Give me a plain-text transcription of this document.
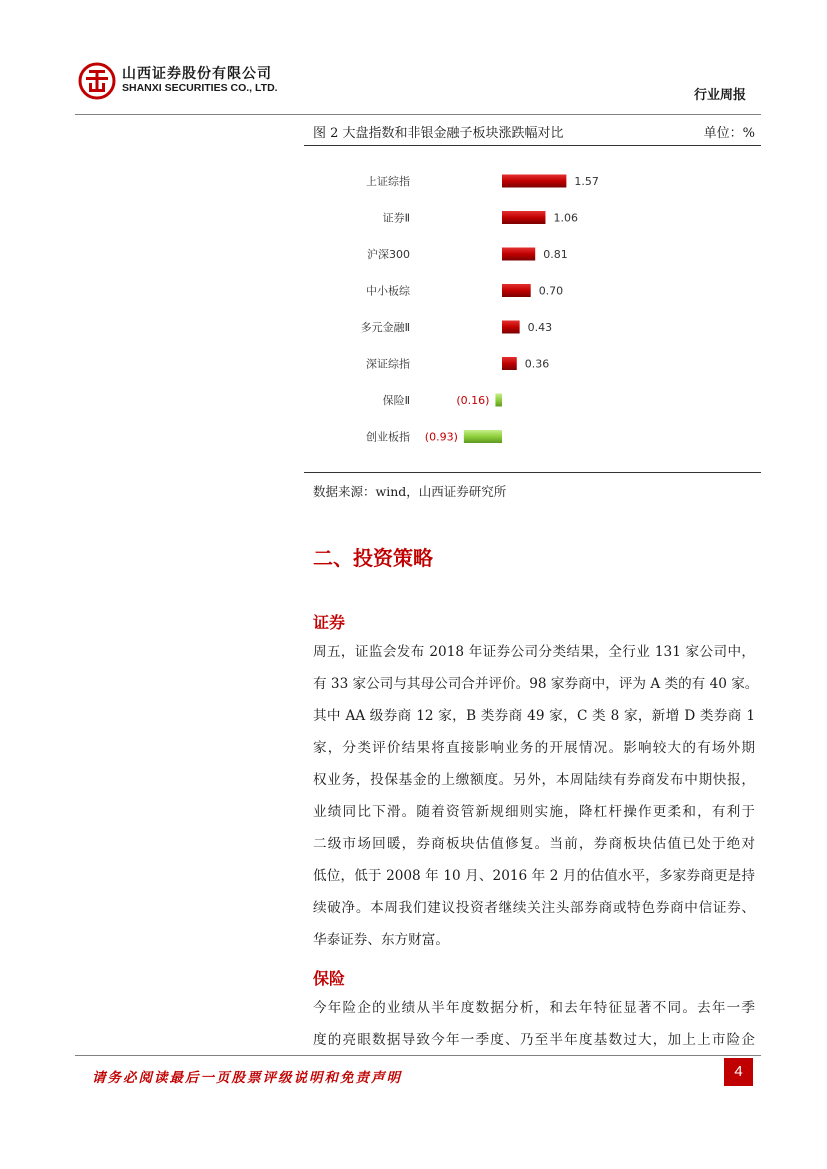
山西证券股份有限公司
SHANXI SECURITIES CO., LTD.	行业周报
图 2 大盘指数和非银金融子板块涨跌幅对比	单位：%
上证综指	1.57
证券Ⅱ	1.06
沪深300	0.81
中小板综	0.70
多元金融Ⅱ	0.43
深证综指	0.36
保险Ⅱ	(0.16)
创业板指 (0.93)
数据来源：wind，山西证券研究所
二、投资策略
证券
周五，证监会发布 2018 年证券公司分类结果，全行业 131 家公司中，
有 33 家公司与其母公司合并评价。98 家券商中，评为 A 类的有 40 家。
其中 AA 级券商 12 家，B 类券商 49 家，C 类 8 家，新增 D 类券商 1
家，分类评价结果将直接影响业务的开展情况。影响较大的有场外期
权业务，投保基金的上缴额度。另外，本周陆续有券商发布中期快报，
业绩同比下滑。随着资管新规细则实施，降杠杆操作更柔和，有利于
二级市场回暖，券商板块估值修复。当前，券商板块估值已处于绝对
低位，低于 2008 年 10 月、2016 年 2 月的估值水平，多家券商更是持
续破净。本周我们建议投资者继续关注头部券商或特色券商中信证券、
华泰证券、东方财富。
保险
今年险企的业绩从半年度数据分析，和去年特征显著不同。去年一季
度的亮眼数据导致今年一季度、乃至半年度基数过大，加上上市险企
请务必阅读最后一页股票评级说明和免责声明	4
